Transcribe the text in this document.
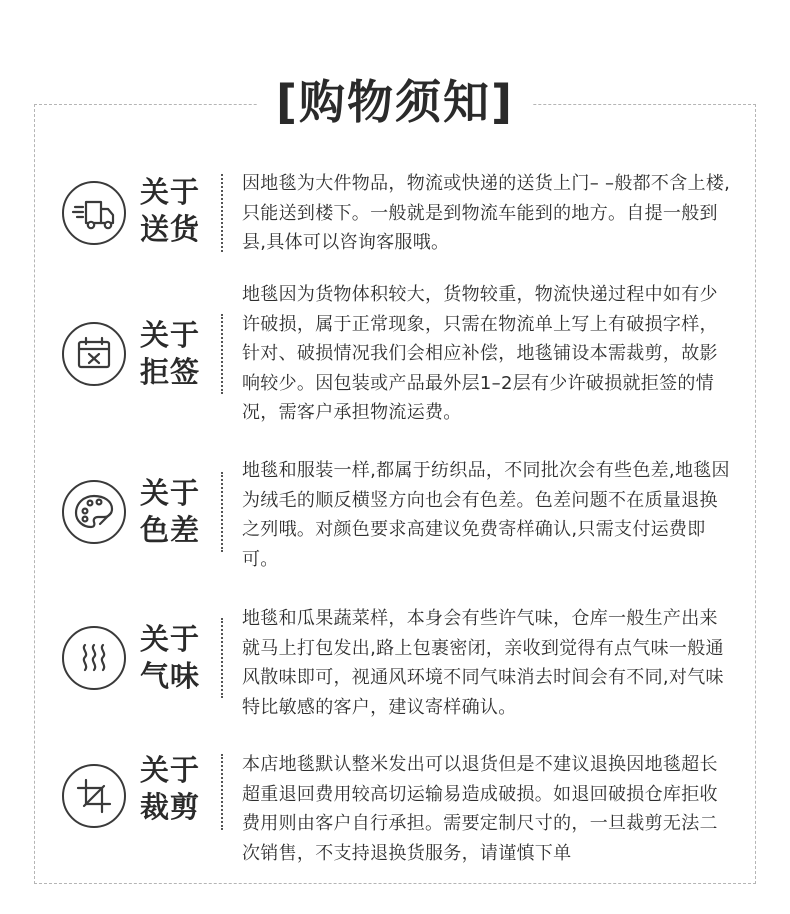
[购物须知]
关于
送货
因地毯为大件物品，物流或快递的送货上门– –般都不含上楼,只能送到楼下。一般就是到物流车能到的地方。自提一般到县,具体可以咨询客服哦。
关于
拒签
地毯因为货物体积较大，货物较重，物流快递过程中如有少许破损，属于正常现象，只需在物流单上写上有破损字样，针对、破损情况我们会相应补偿，地毯铺设本需裁剪，故影响较少。因包装或产品最外层1–2层有少许破损就拒签的情况，需客户承担物流运费。
关于
色差
地毯和服装一样,都属于纺织品，不同批次会有些色差,地毯因为绒毛的顺反横竖方向也会有色差。色差问题不在质量退换之列哦。对颜色要求高建议免费寄样确认,只需支付运费即可。
关于
气味
地毯和瓜果蔬菜样，本身会有些许气味，仓库一般生产出来就马上打包发出,路上包裹密闭，亲收到觉得有点气味一般通风散味即可，视通风环境不同气味消去时间会有不同,对气味特比敏感的客户，建议寄样确认。
关于
裁剪
本店地毯默认整米发出可以退货但是不建议退换因地毯超长超重退回费用较高切运输易造成破损。如退回破损仓库拒收费用则由客户自行承担。需要定制尺寸的，一旦裁剪无法二次销售，不支持退换货服务，请谨慎下单
